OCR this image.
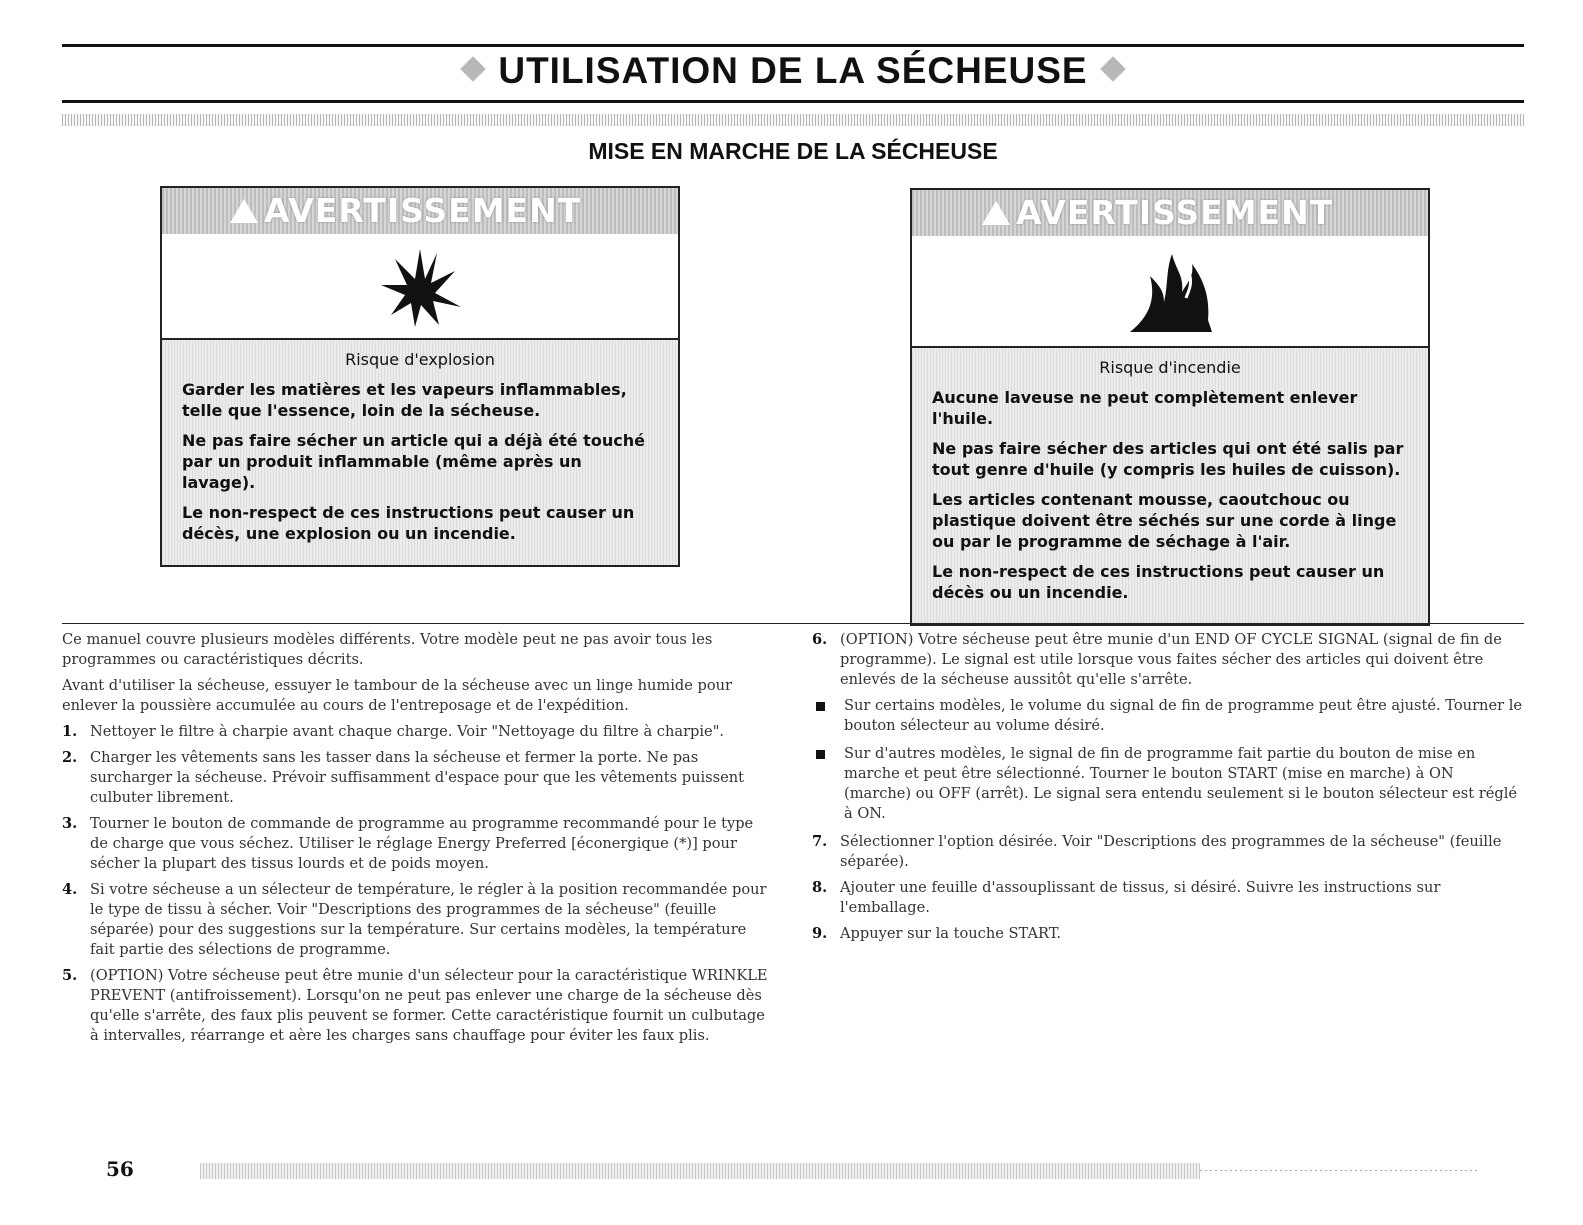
UTILISATION DE LA SÉCHEUSE
MISE EN MARCHE DE LA SÉCHEUSE
AVERTISSEMENT
Risque d'explosion

Garder les matières et les vapeurs inflammables, telle que l'essence, loin de la sécheuse.

Ne pas faire sécher un article qui a déjà été touché par un produit inflammable (même après un lavage).

Le non-respect de ces instructions peut causer un décès, une explosion ou un incendie.

AVERTISSEMENT
Risque d'incendie

Aucune laveuse ne peut complètement enlever l'huile.

Ne pas faire sécher des articles qui ont été salis par tout genre d'huile (y compris les huiles de cuisson).

Les articles contenant mousse, caoutchouc ou plastique doivent être séchés sur une corde à linge ou par le programme de séchage à l'air.

Le non-respect de ces instructions peut causer un décès ou un incendie.

Ce manuel couvre plusieurs modèles différents. Votre modèle peut ne pas avoir tous les programmes ou caractéristiques décrits.

Avant d'utiliser la sécheuse, essuyer le tambour de la sécheuse avec un linge humide pour enlever la poussière accumulée au cours de l'entreposage et de l'expédition.

1. Nettoyer le filtre à charpie avant chaque charge. Voir "Nettoyage du filtre à charpie".
2. Charger les vêtements sans les tasser dans la sécheuse et fermer la porte. Ne pas surcharger la sécheuse. Prévoir suffisamment d'espace pour que les vêtements puissent culbuter librement.
3. Tourner le bouton de commande de programme au programme recommandé pour le type de charge que vous séchez. Utiliser le réglage Energy Preferred [éconergique (*)] pour sécher la plupart des tissus lourds et de poids moyen.
4. Si votre sécheuse a un sélecteur de température, le régler à la position recommandée pour le type de tissu à sécher. Voir "Descriptions des programmes de la sécheuse" (feuille séparée) pour des suggestions sur la température. Sur certains modèles, la température fait partie des sélections de programme.
5. (OPTION) Votre sécheuse peut être munie d'un sélecteur pour la caractéristique WRINKLE PREVENT (antifroissement). Lorsqu'on ne peut pas enlever une charge de la sécheuse dès qu'elle s'arrête, des faux plis peuvent se former. Cette caractéristique fournit un culbutage à intervalles, réarrange et aère les charges sans chauffage pour éviter les faux plis.
6. (OPTION) Votre sécheuse peut être munie d'un END OF CYCLE SIGNAL (signal de fin de programme). Le signal est utile lorsque vous faites sécher des articles qui doivent être enlevés de la sécheuse aussitôt qu'elle s'arrête.
Sur certains modèles, le volume du signal de fin de programme peut être ajusté. Tourner le bouton sélecteur au volume désiré.
Sur d'autres modèles, le signal de fin de programme fait partie du bouton de mise en marche et peut être sélectionné. Tourner le bouton START (mise en marche) à ON (marche) ou OFF (arrêt). Le signal sera entendu seulement si le bouton sélecteur est réglé à ON.
7. Sélectionner l'option désirée. Voir "Descriptions des programmes de la sécheuse" (feuille séparée).
8. Ajouter une feuille d'assouplissant de tissus, si désiré. Suivre les instructions sur l'emballage.
9. Appuyer sur la touche START.
56
